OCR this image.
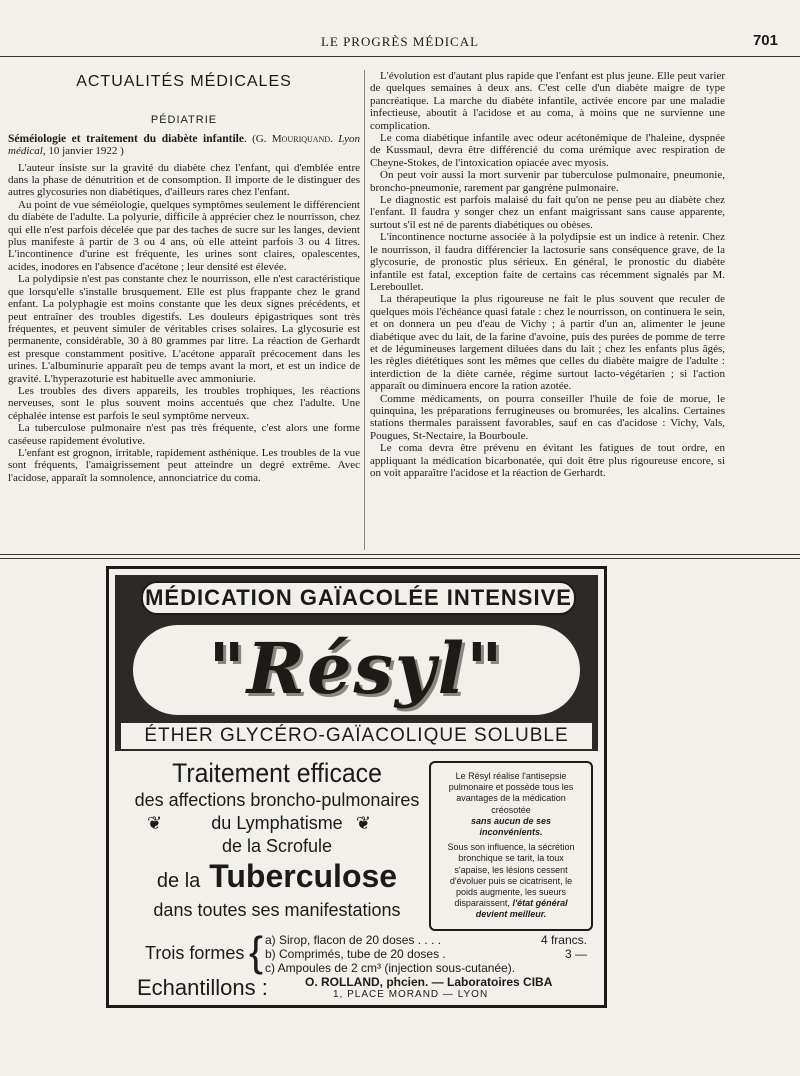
LE PROGRÈS MÉDICAL	701
ACTUALITÉS MÉDICALES
PÉDIATRIE

Séméiologie et traitement du diabète infantile. (G. Mouriquand. Lyon médical, 10 janvier 1922 )

L'auteur insiste sur la gravité du diabète chez l'enfant, qui d'emblée entre dans la phase de dénutrition et de consomption. Il importe de le distinguer des autres glycosuries non diabétiques, d'ailleurs rares chez l'enfant.

Au point de vue séméiologie, quelques symptômes seulement le différencient du diabète de l'adulte. La polyurie, difficile à apprécier chez le nourrisson, chez qui elle n'est parfois décelée que par des taches de sucre sur les langes, devient plus manifeste à partir de 3 ou 4 ans, où elle atteint parfois 3 ou 4 litres. L'incontinence d'urine est fréquente, les urines sont claires, opalescentes, acides, inodores en l'absence d'acétone ; leur densité est élevée.

La polydipsie n'est pas constante chez le nourrisson, elle n'est caractéristique que lorsqu'elle s'installe brusquement. Elle est plus frappante chez le grand enfant. La polyphagie est moins constante que les deux signes précédents, et peut entraîner des troubles digestifs. Les douleurs épigastriques sont très fréquentes, et peuvent simuler de véritables crises solaires. La glycosurie est permanente, considérable, 30 à 80 grammes par litre. La réaction de Gerhardt est presque constamment positive. L'acétone apparaît précocement dans les urines. L'albuminurie apparaît peu de temps avant la mort, et est un indice de gravité. L'hyperazoturie est habituelle avec ammoniurie.

Les troubles des divers appareils, les troubles trophiques, les réactions nerveuses, sont le plus souvent moins accentués que chez l'adulte. Une céphalée intense est parfois le seul symptôme nerveux.

La tuberculose pulmonaire n'est pas très fréquente, c'est alors une forme caséeuse rapidement évolutive.

L'enfant est grognon, irritable, rapidement asthénique. Les troubles de la vue sont fréquents, l'amaigrissement peut atteindre un degré extrême. Avec l'acidose, apparaît la somnolence, annonciatrice du coma.

L'évolution est d'autant plus rapide que l'enfant est plus jeune. Elle peut varier de quelques semaines à deux ans. C'est celle d'un diabète maigre de type pancréatique. La marche du diabète infantile, activée encore par une maladie infectieuse, aboutit à l'acidose et au coma, à moins que ne survienne une complication.

Le coma diabétique infantile avec odeur acétonémique de l'haleine, dyspnée de Kussmaul, devra être différencié du coma urémique avec respiration de Cheyne-Stokes, de l'intoxication opiacée avec myosis.

On peut voir aussi la mort survenir par tuberculose pulmonaire, pneumonie, broncho-pneumonie, rarement par gangrène pulmonaire.

Le diagnostic est parfois malaisé du fait qu'on ne pense peu au diabète chez l'enfant. Il faudra y songer chez un enfant maigrissant sans cause apparente, surtout s'il est né de parents diabétiques ou obèses.

L'incontinence nocturne associée à la polydipsie est un indice à retenir. Chez le nourrisson, il faudra différencier la lactosurie sans conséquence grave, de la glycosurie, de pronostic plus sérieux. En général, le pronostic du diabète infantile est fatal, exception faite de certains cas récemment signalés par M. Lereboullet.

La thérapeutique la plus rigoureuse ne fait le plus souvent que reculer de quelques mois l'échéance quasi fatale : chez le nourrisson, on continuera le sein, et on donnera un peu d'eau de Vichy ; à partir d'un an, alimenter le jeune diabétique avec du lait, de la farine d'avoine, puis des purées de pomme de terre et de légumineuses largement diluées dans du lait ; chez les enfants plus âgés, les règles diététiques sont les mêmes que celles du diabète maigre de l'adulte : interdiction de la diète carnée, régime surtout lacto-végétarien ; si l'action apparaît ou diminuera encore la ration azotée.

Comme médicaments, on pourra conseiller l'huile de foie de morue, le quinquina, les préparations ferrugineuses ou bromurées, les alcalins. Certaines stations thermales paraissent favorables, sauf en cas d'acidose : Vichy, Vals, Pougues, St-Nectaire, la Bourboule.

Le coma devra être prévenu en évitant les fatigues de tout ordre, en appliquant la médication bicarbonatée, qui doit être plus rigoureuse encore, si on voit apparaître l'acidose et la réaction de Gerhardt.

MÉDICATION GAÏACOLÉE INTENSIVE
"Résyl"
ÉTHER GLYCÉRO-GAÏACOLIQUE SOLUBLE
Traitement efficace
des affections broncho-pulmonaires
❦	du Lymphatisme ❦
de la Scrofule
de la Tuberculose
dans toutes ses manifestations
Le Résyl réalise l'antisepsie pulmonaire et possède tous les avantages de la médication créosotée
sans aucun de ses inconvénients.
Sous son influence, la sécrétion bronchique se tarit, la toux s'apaise, les lésions cessent d'évoluer puis se cicatrisent, le poids augmente, les sueurs disparaissent, l'état général devient meilleur.
Trois formes { a) Sirop, flacon de 20 doses . . . .	4 francs.
b) Comprimés, tube de 20 doses .	3 —
c) Ampoules de 2 cm³ (injection sous-cutanée).
Echantillons :	O. ROLLAND, phcien. — Laboratoires CIBA
1, PLACE MORAND — LYON
